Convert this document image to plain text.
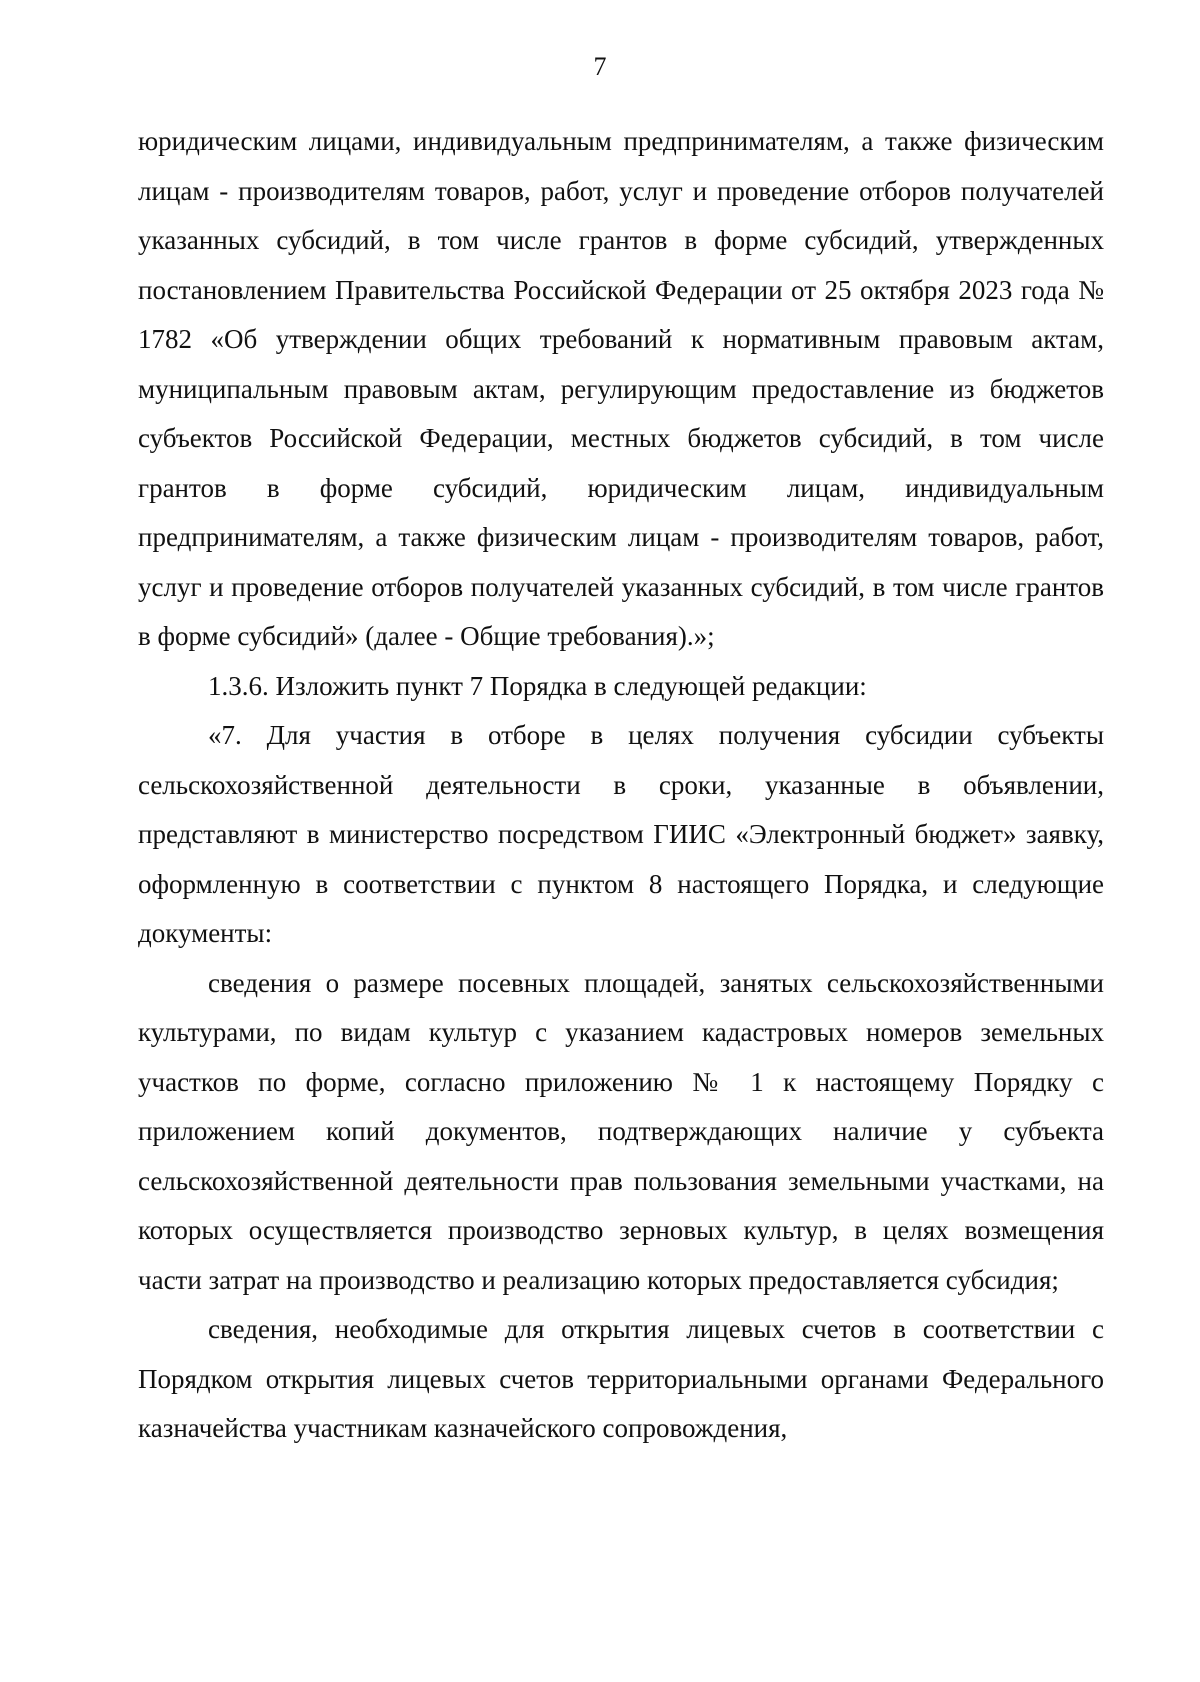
7

юридическим лицами, индивидуальным предпринимателям, а также физическим лицам - производителям товаров, работ, услуг и проведение отборов получателей указанных субсидий, в том числе грантов в форме субсидий, утвержденных постановлением Правительства Российской Федерации от 25 октября 2023 года № 1782 «Об утверждении общих требований к нормативным правовым актам, муниципальным правовым актам, регулирующим предоставление из бюджетов субъектов Российской Федерации, местных бюджетов субсидий, в том числе грантов в форме субсидий, юридическим лицам, индивидуальным предпринимателям, а также физическим лицам - производителям товаров, работ, услуг и проведение отборов получателей указанных субсидий, в том числе грантов в форме субсидий» (далее - Общие требования).»;

1.3.6. Изложить пункт 7 Порядка в следующей редакции:

«7. Для участия в отборе в целях получения субсидии субъекты сельскохозяйственной деятельности в сроки, указанные в объявлении, представляют в министерство посредством ГИИС «Электронный бюджет» заявку, оформленную в соответствии с пунктом 8 настоящего Порядка, и следующие документы:

сведения о размере посевных площадей, занятых сельскохозяйственными культурами, по видам культур с указанием кадастровых номеров земельных участков по форме, согласно приложению № 1 к настоящему Порядку с приложением копий документов, подтверждающих наличие у субъекта сельскохозяйственной деятельности прав пользования земельными участками, на которых осуществляется производство зерновых культур, в целях возмещения части затрат на производство и реализацию которых предоставляется субсидия;

сведения, необходимые для открытия лицевых счетов в соответствии с Порядком открытия лицевых счетов территориальными органами Федерального казначейства участникам казначейского сопровождения,
